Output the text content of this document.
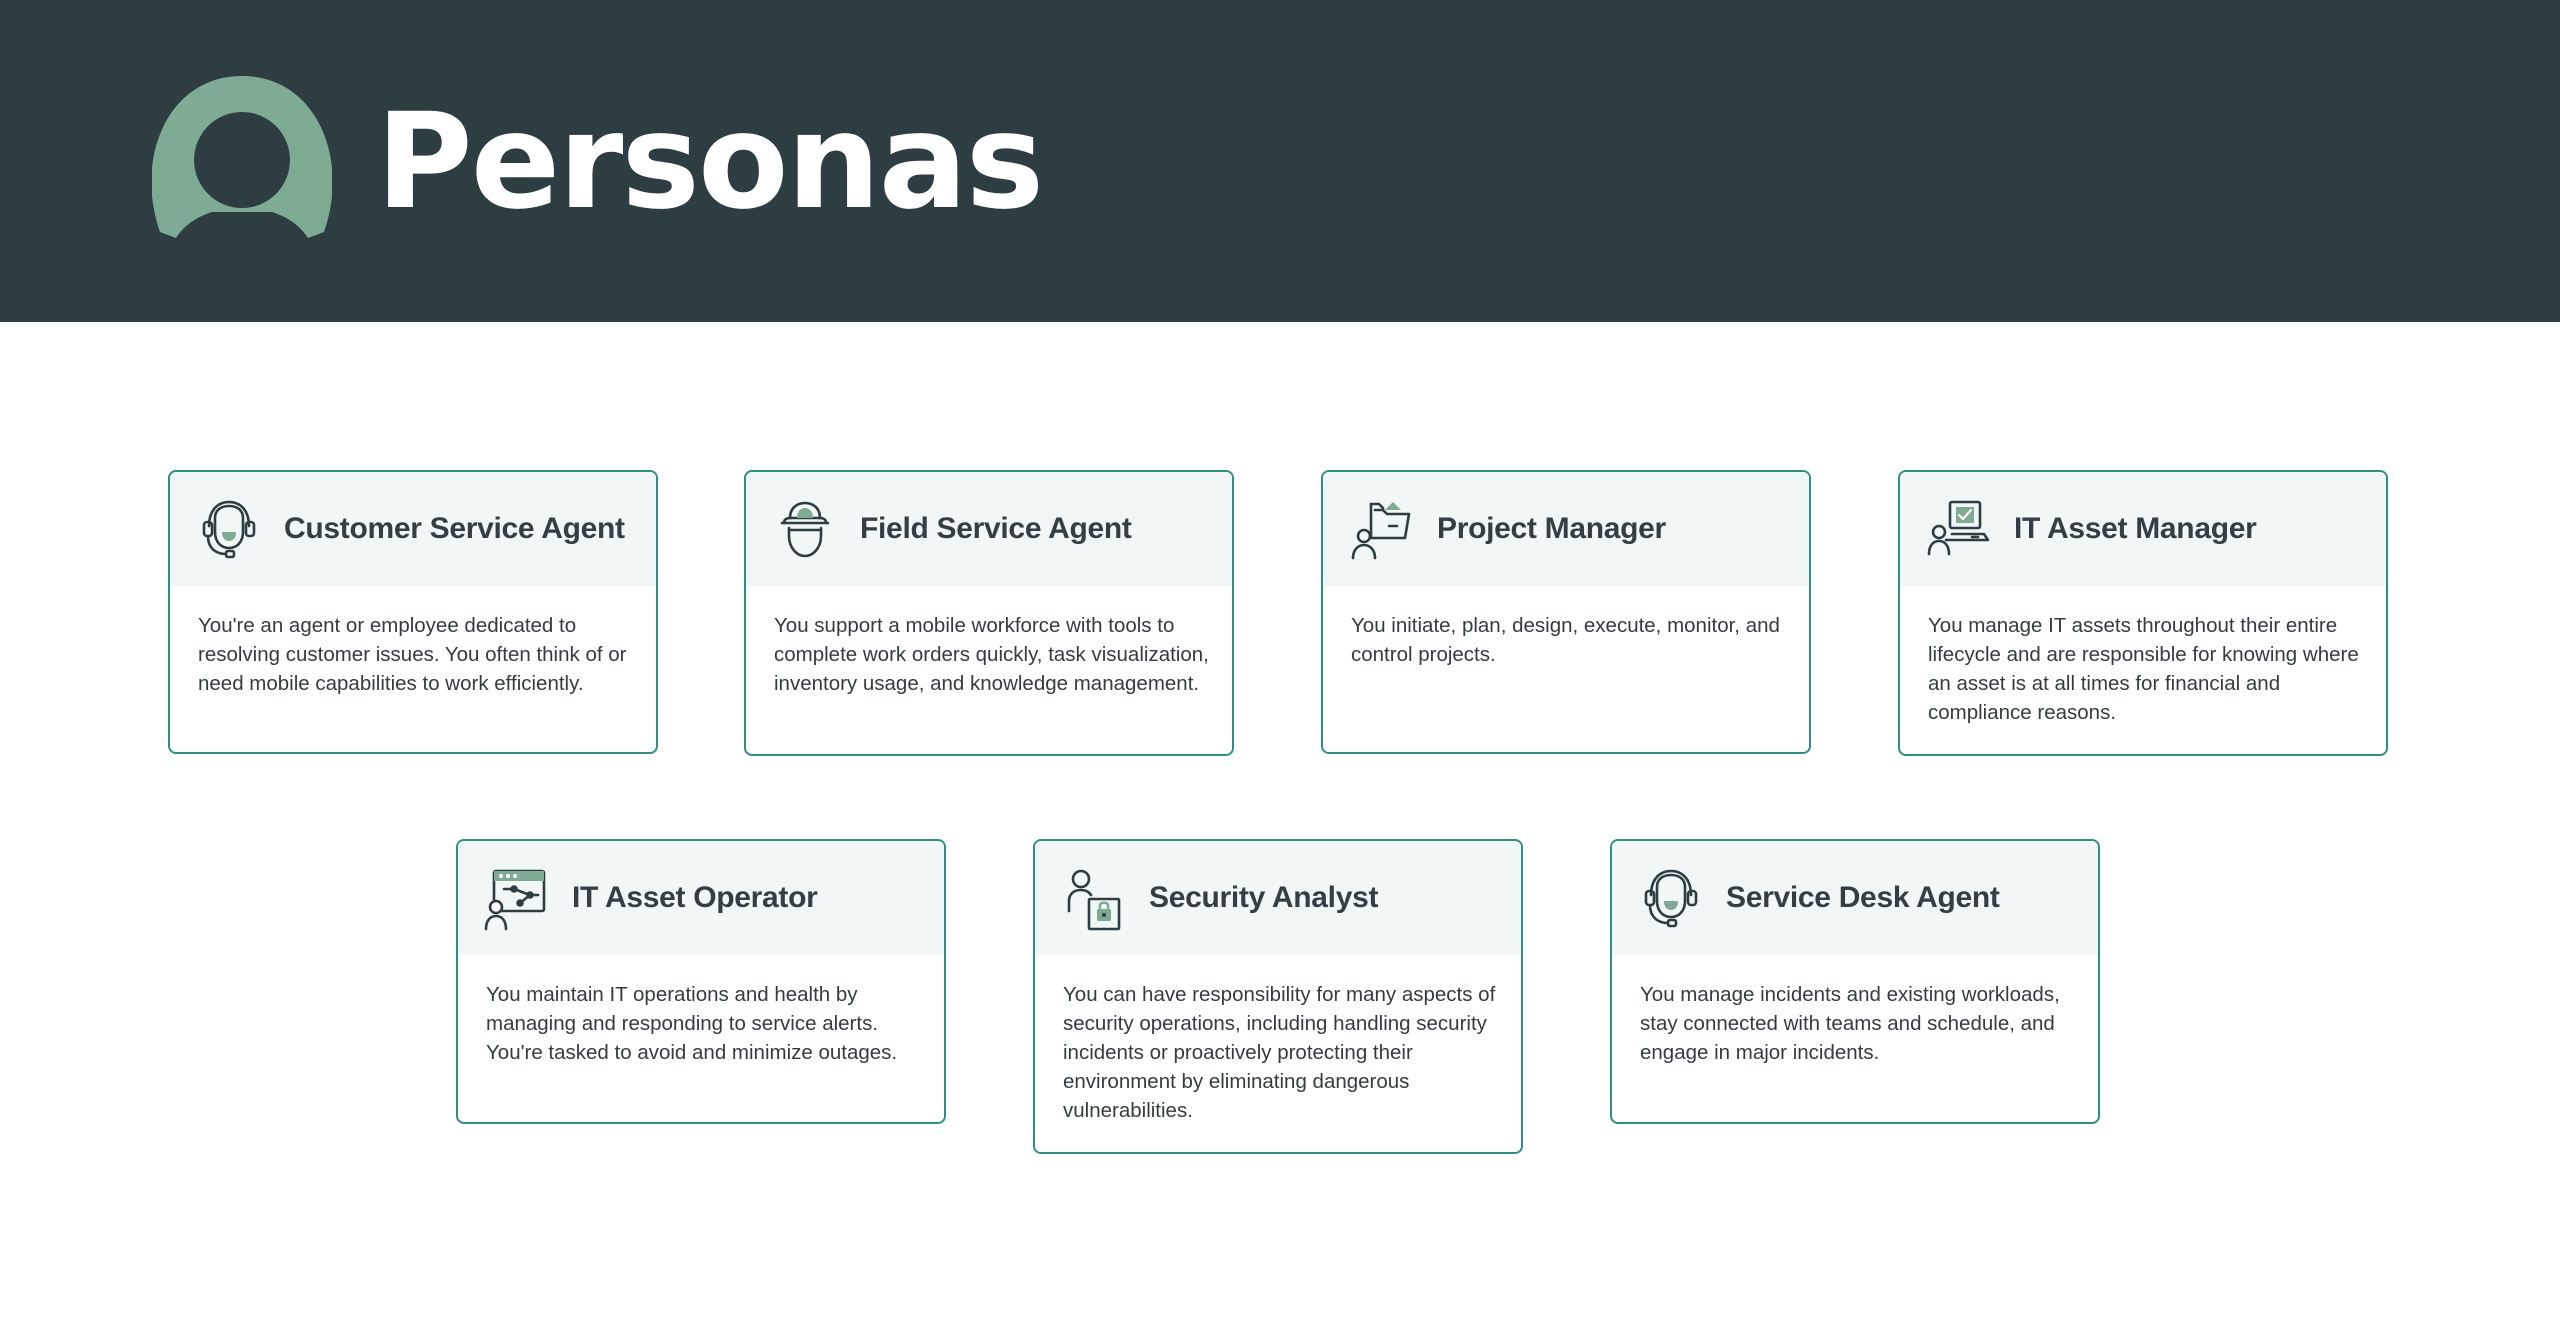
Personas
Customer Service Agent
You're an agent or employee dedicated to resolving customer issues. You often think of or need mobile capabilities to work efficiently.
Field Service Agent
You support a mobile workforce with tools to complete work orders quickly, task visualization, inventory usage, and knowledge management.
Project Manager
You initiate, plan, design, execute, monitor, and control projects.
IT Asset Manager
You manage IT assets throughout their entire lifecycle and are responsible for knowing where an asset is at all times for financial and compliance reasons.
IT Asset Operator
You maintain IT operations and health by managing and responding to service alerts. You're tasked to avoid and minimize outages.
Security Analyst
You can have responsibility for many aspects of security operations, including handling security incidents or proactively protecting their environment by eliminating dangerous vulnerabilities.
Service Desk Agent
You manage incidents and existing workloads, stay connected with teams and schedule, and engage in major incidents.
